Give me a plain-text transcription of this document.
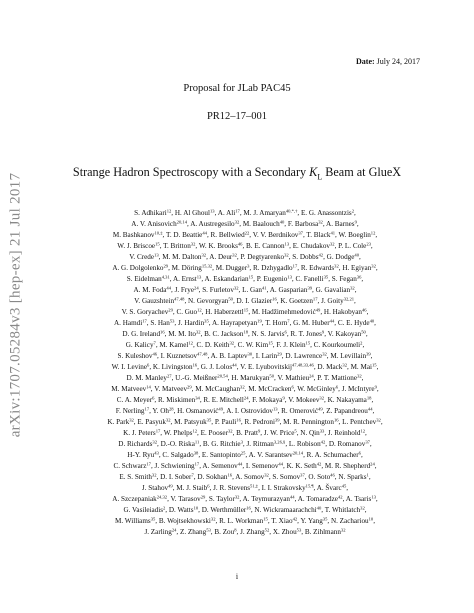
Date: July 24, 2017
arXiv:1707.05284v3 [hep-ex] 21 Jul 2017
Proposal for JLab PAC45
PR12–17–001
Strange Hadron Spectroscopy with a Secondary $K_L$ Beam at GlueX
S. Adhikari$^{12}$, H. Al Ghoul$^{13}$, A. Ali$^{17}$, M. J. Amaryan$^{40,*,\dagger}$, E. G. Anassontzis$^2$,
A. V. Anisovich$^{20,14}$, A. Austregesilo$^{32}$, M. Baalouch$^{40}$, F. Barbosa$^{32}$, A. Barnes$^9$,
M. Bashkanov$^{10,\ddagger}$, T. D. Beattie$^{44}$, R. Bellwied$^{22}$, V. V. Berdnikov$^{37}$, T. Black$^{41}$, W. Boeglin$^{12}$,
W. J. Briscoe$^{15}$, T. Britton$^{32}$, W. K. Brooks$^{46}$, B. E. Cannon$^{13}$, E. Chudakov$^{32}$, P. L. Cole$^{23}$,
V. Crede$^{13}$, M. M. Dalton$^{32}$, A. Deur$^{32}$, P. Degtyarenko$^{32}$, S. Dobbs$^{42}$, G. Dodge$^{40}$,
A. G. Dolgolenko$^{29}$, M. Döring$^{15,32}$, M. Dugger$^3$, R. Dzhygadlo$^{17}$, R. Edwards$^{32}$, H. Egiyan$^{32}$,
S. Eidelman$^{4,31}$, A. Ernst$^{13}$, A. Eskandarian$^{15}$, P. Eugenio$^{13}$, C. Fanelli$^{35}$, S. Fegan$^{36}$,
A. M. Foda$^{44}$, J. Frye$^{24}$, S. Furletov$^{32}$, L. Gan$^{41}$, A. Gasparian$^{39}$, G. Gavalian$^{32}$,
V. Gauzshtein$^{47,48}$, N. Gevorgyan$^{50}$, D. I. Glazier$^{16}$, K. Goetzen$^{17}$, J. Goity$^{32,21}$,
V. S. Goryachev$^{29}$, C. Guo$^{12}$, H. Haberzettl$^{15}$, M. Hadžimehmedović$^{49}$, H. Hakobyan$^{46}$,
A. Hamdi$^{17}$, S. Han$^{53}$, J. Hardin$^{35}$, A. Hayrapetyan$^{19}$, T. Horn$^7$, G. M. Huber$^{44}$, C. E. Hyde$^{40}$,
D. G. Ireland$^{16}$, M. M. Ito$^{32}$, B. C. Jackson$^{18}$, N. S. Jarvis$^6$, R. T. Jones$^9$, V. Kakoyan$^{50}$,
G. Kalicy$^7$, M. Kamel$^{12}$, C. D. Keith$^{32}$, C. W. Kim$^{15}$, F. J. Klein$^{15}$, C. Kourkoumeli$^2$,
S. Kuleshov$^{46}$, I. Kuznetsov$^{47,48}$, A. B. Laptev$^{30}$, I. Larin$^{29}$, D. Lawrence$^{32}$, M. Levillain$^{39}$,
W. I. Levine$^6$, K. Livingston$^{16}$, G. J. Lolos$^{44}$, V. E. Lyubovitskij$^{47,48,33,46}$, D. Mack$^{32}$, M. Mai$^{15}$,
D. M. Manley$^{27}$, U.-G. Meißner$^{20,54}$, H. Marukyan$^{50}$, V. Mathieu$^{24}$, P. T. Mattione$^{32}$,
M. Matveev$^{14}$, V. Matveev$^{29}$, M. McCaughan$^{32}$, M. McCracken$^6$, W. McGinley$^6$, J. McIntyre$^9$,
C. A. Meyer$^6$, R. Miskimen$^{34}$, R. E. Mitchell$^{24}$, F. Mokaya$^9$, V. Mokeev$^{32}$, K. Nakayama$^{18}$,
F. Nerling$^{17}$, Y. Oh$^{28}$, H. Osmanović$^{49}$, A. I. Ostrovidov$^{13}$, R. Omerović$^{49}$, Z. Papandreou$^{44}$,
K. Park$^{32}$, E. Pasyuk$^{32}$, M. Patsyuk$^{35}$, P. Pauli$^{16}$, R. Pedroni$^{39}$, M. R. Pennington$^{16}$, L. Pentchev$^{32}$,
K. J. Peters$^{17}$, W. Phelps$^{12}$, E. Pooser$^{32}$, B. Pratt$^9$, J. W. Price$^5$, N. Qin$^{33}$, J. Reinhold$^{12}$,
D. Richards$^{32}$, D.-O. Riska$^{11}$, B. G. Ritchie$^3$, J. Ritman$^{3,26,\S}$, L. Robison$^{42}$, D. Romanov$^{37}$,
H-Y. Ryu$^{43}$, C. Salgado$^{38}$, E. Santopinto$^{25}$, A. V. Sarantsev$^{20,14}$, R. A. Schumacher$^6$,
C. Schwarz$^{17}$, J. Schwiening$^{17}$, A. Semenov$^{44}$, I. Semenov$^{44}$, K. K. Seth$^{42}$, M. R. Shepherd$^{24}$,
E. S. Smith$^{32}$, D. I. Sober$^7$, D. Sokhan$^{16}$, A. Somov$^{32}$, S. Somov$^{37}$, O. Soto$^{46}$, N. Sparks$^1$,
J. Stahov$^{49}$, M. J. Staib$^6$, J. R. Stevens$^{51,\ddagger}$, I. I. Strakovsky$^{15,\P}$, A. Švarc$^{45}$,
A. Szczepaniak$^{24,32}$, V. Tarasov$^{29}$, S. Taylor$^{32}$, A. Teymurazyan$^{44}$, A. Tomaradze$^{42}$, A. Tsaris$^{13}$,
G. Vasileiadis$^2$, D. Watts$^{10}$, D. Werthmüller$^{16}$, N. Wickramaarachchi$^{40}$, T. Whitlatch$^{32}$,
M. Williams$^{35}$, B. Wojtsekhowski$^{32}$, R. L. Workman$^{15}$, T. Xiao$^{42}$, Y. Yang$^{35}$, N. Zachariou$^{10}$,
J. Zarling$^{24}$, Z. Zhang$^{53}$, B. Zou$^8$, J. Zhang$^{52}$, X. Zhou$^{53}$, B. Zihlmann$^{32}$
i
